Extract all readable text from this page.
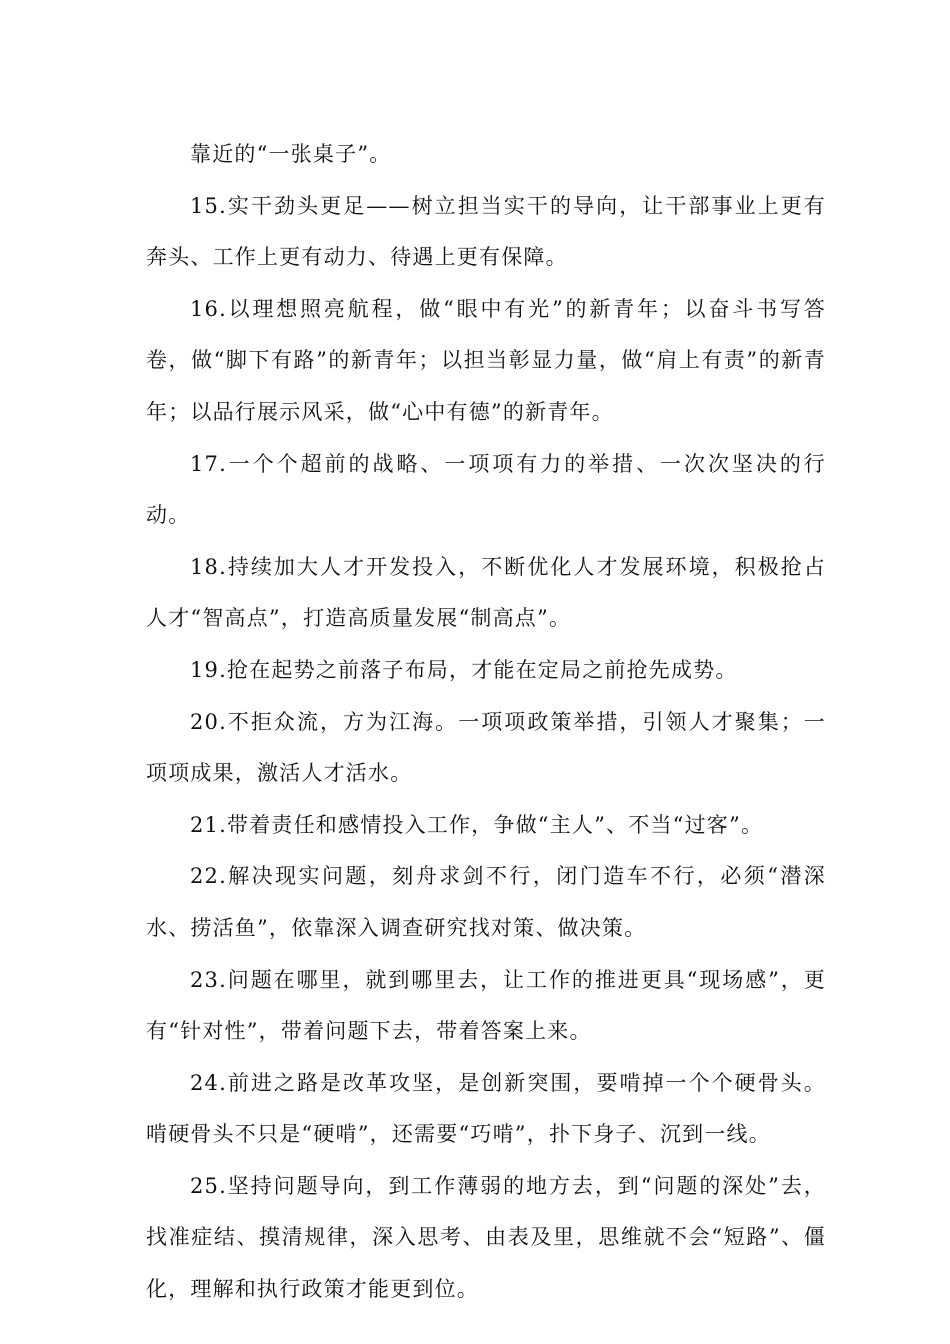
靠近的“一张桌子”。

15.实干劲头更足——树立担当实干的导向，让干部事业上更有奔头、工作上更有动力、待遇上更有保障。

16.以理想照亮航程，做“眼中有光”的新青年；以奋斗书写答卷，做“脚下有路”的新青年；以担当彰显力量，做“肩上有责”的新青年；以品行展示风采，做“心中有德”的新青年。

17.一个个超前的战略、一项项有力的举措、一次次坚决的行动。

18.持续加大人才开发投入，不断优化人才发展环境，积极抢占人才“智高点”，打造高质量发展“制高点”。

19.抢在起势之前落子布局，才能在定局之前抢先成势。

20.不拒众流，方为江海。一项项政策举措，引领人才聚集；一项项成果，激活人才活水。

21.带着责任和感情投入工作，争做“主人”、不当“过客”。

22.解决现实问题，刻舟求剑不行，闭门造车不行，必须“潜深水、捞活鱼”，依靠深入调查研究找对策、做决策。

23.问题在哪里，就到哪里去，让工作的推进更具“现场感”，更有“针对性”，带着问题下去，带着答案上来。

24.前进之路是改革攻坚，是创新突围，要啃掉一个个硬骨头。啃硬骨头不只是“硬啃”，还需要“巧啃”，扑下身子、沉到一线。

25.坚持问题导向，到工作薄弱的地方去，到“问题的深处”去，找准症结、摸清规律，深入思考、由表及里，思维就不会“短路”、僵化，理解和执行政策才能更到位。
